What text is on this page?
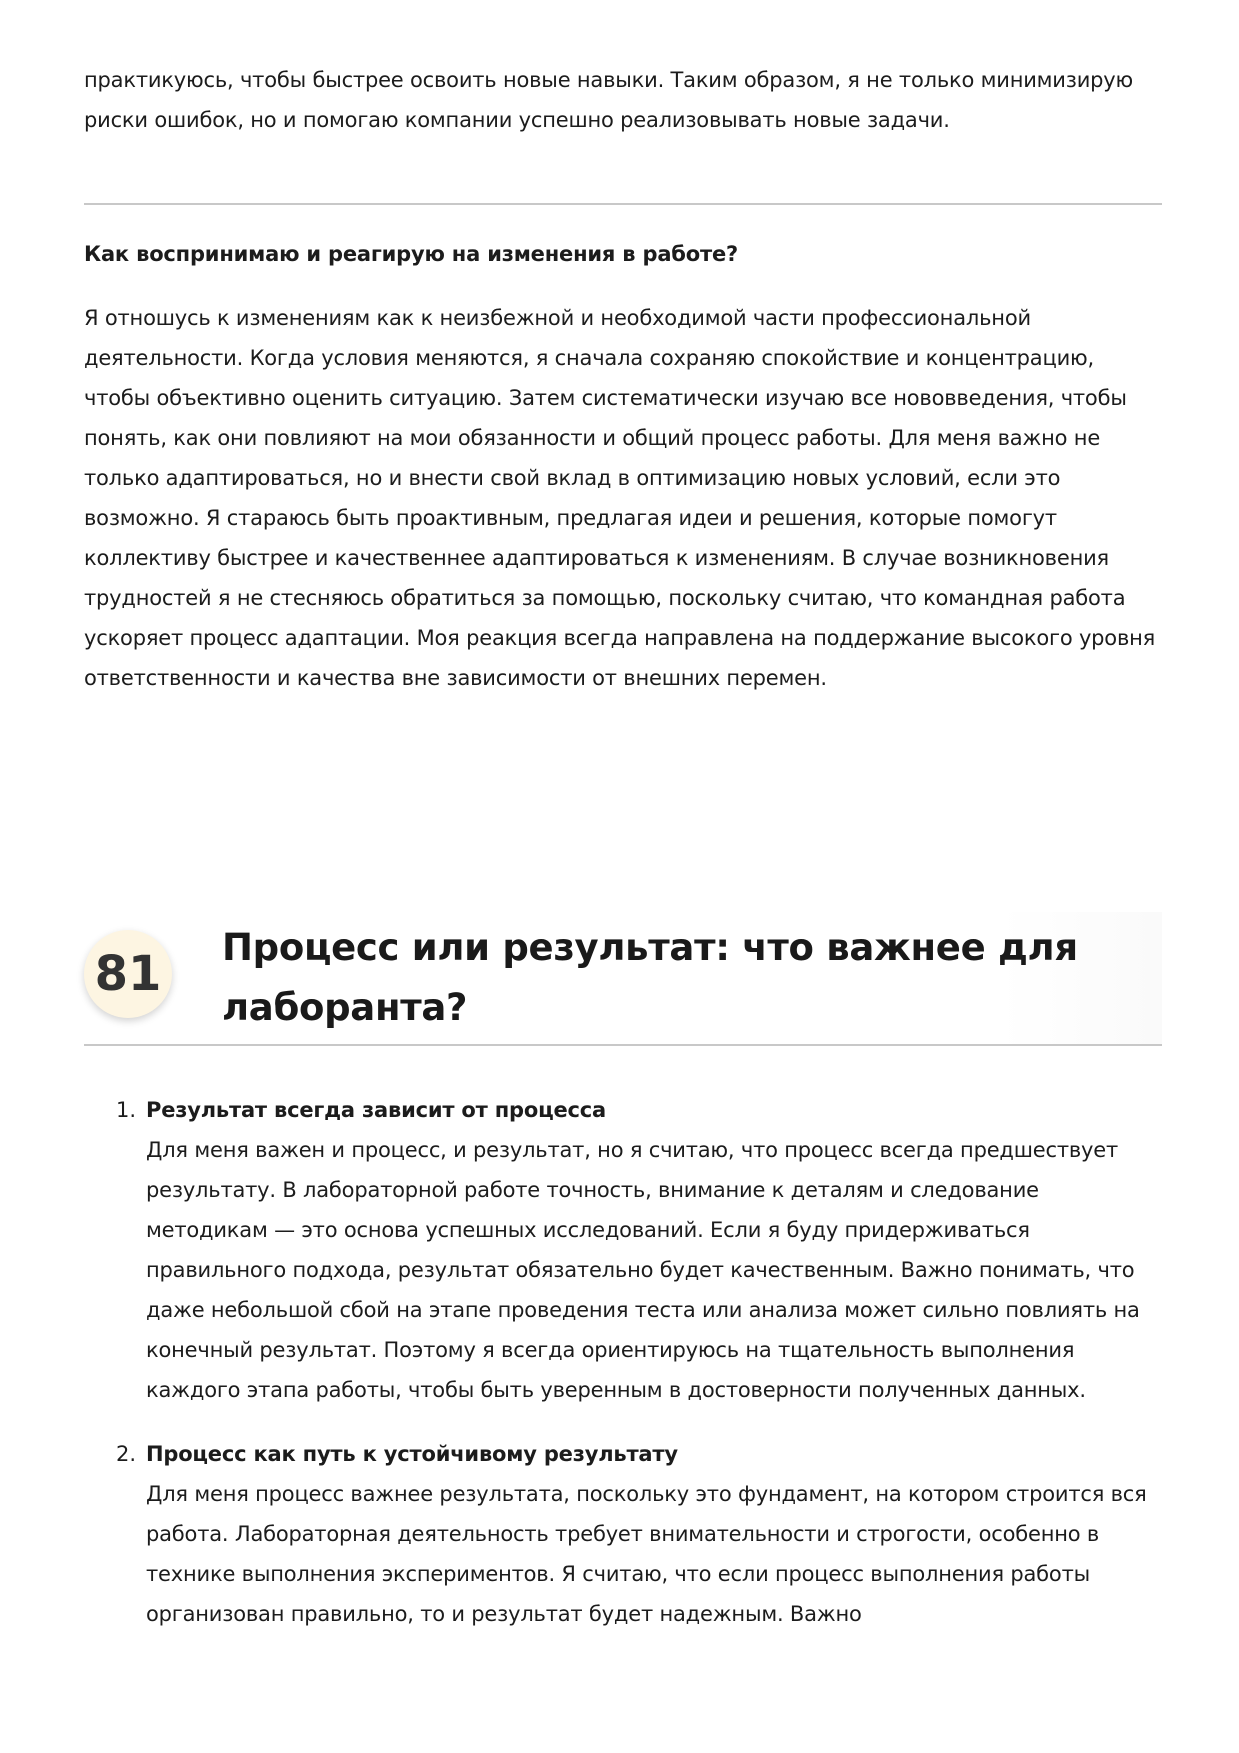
практикуюсь, чтобы быстрее освоить новые навыки. Таким образом, я не только минимизирую риски ошибок, но и помогаю компании успешно реализовывать новые задачи.

Как воспринимаю и реагирую на изменения в работе?

Я отношусь к изменениям как к неизбежной и необходимой части профессиональной деятельности. Когда условия меняются, я сначала сохраняю спокойствие и концентрацию, чтобы объективно оценить ситуацию. Затем систематически изучаю все нововведения, чтобы понять, как они повлияют на мои обязанности и общий процесс работы. Для меня важно не только адаптироваться, но и внести свой вклад в оптимизацию новых условий, если это возможно. Я стараюсь быть проактивным, предлагая идеи и решения, которые помогут коллективу быстрее и качественнее адаптироваться к изменениям. В случае возникновения трудностей я не стесняюсь обратиться за помощью, поскольку считаю, что командная работа ускоряет процесс адаптации. Моя реакция всегда направлена на поддержание высокого уровня ответственности и качества вне зависимости от внешних перемен.

81 Процесс или результат: что важнее для лаборанта?
1. Результат всегда зависит от процесса

Для меня важен и процесс, и результат, но я считаю, что процесс всегда предшествует результату. В лабораторной работе точность, внимание к деталям и следование методикам — это основа успешных исследований. Если я буду придерживаться правильного подхода, результат обязательно будет качественным. Важно понимать, что даже небольшой сбой на этапе проведения теста или анализа может сильно повлиять на конечный результат. Поэтому я всегда ориентируюсь на тщательность выполнения каждого этапа работы, чтобы быть уверенным в достоверности полученных данных.

2. Процесс как путь к устойчивому результату

Для меня процесс важнее результата, поскольку это фундамент, на котором строится вся работа. Лабораторная деятельность требует внимательности и строгости, особенно в технике выполнения экспериментов. Я считаю, что если процесс выполнения работы организован правильно, то и результат будет надежным. Важно
